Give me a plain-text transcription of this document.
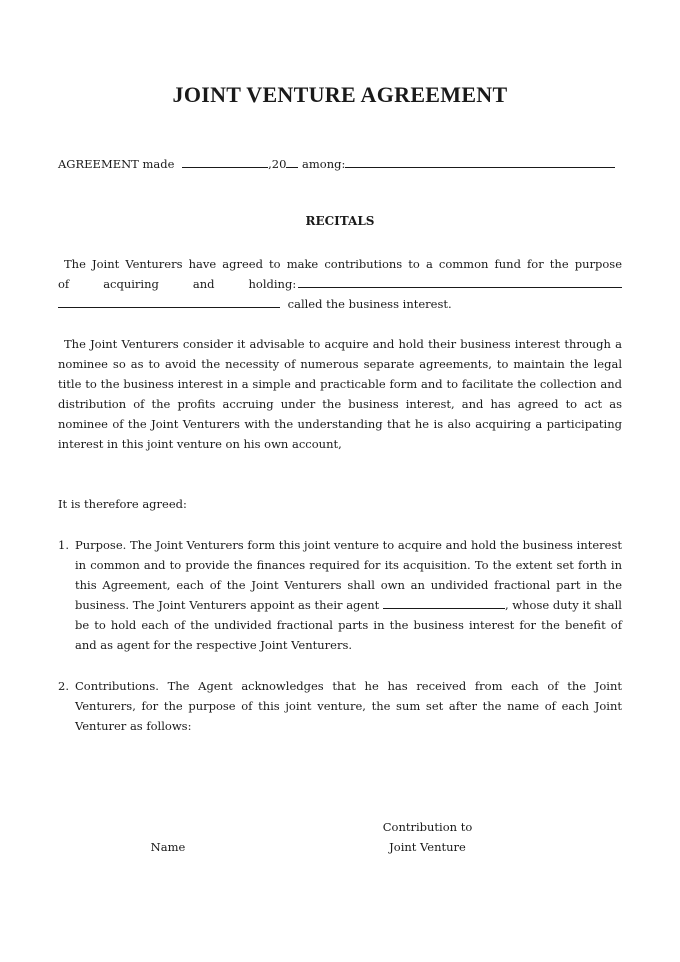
JOINT VENTURE AGREEMENT
AGREEMENT made	,20 among:
RECITALS
The Joint Venturers have agreed to make contributions to a common fund for the purpose
of	acquiring	and	holding:
called the business interest.
The Joint Venturers consider it advisable to acquire and hold their business interest through a nominee so as to avoid the necessity of numerous separate agreements, to maintain the legal title to the business interest in a simple and practicable form and to facilitate the collection and distribution of the profits accruing under the business interest, and has agreed to act as nominee of the Joint Venturers with the understanding that he is also acquiring a participating interest in this joint venture on his own account,
It is therefore agreed:
1. Purpose. The Joint Venturers form this joint venture to acquire and hold the business interest in common and to provide the finances required for its acquisition. To the extent set forth in this Agreement, each of the Joint Venturers shall own an undivided fractional part in the business. The Joint Venturers appoint as their agent	, whose duty it shall be to hold each of the undivided fractional parts in the business interest for the benefit of and as agent for the respective Joint Venturers.
2. Contributions. The Agent acknowledges that he has received from each of the Joint Venturers, for the purpose of this joint venture, the sum set after the name of each Joint Venturer as follows:
Name
Contribution to
Joint Venture
